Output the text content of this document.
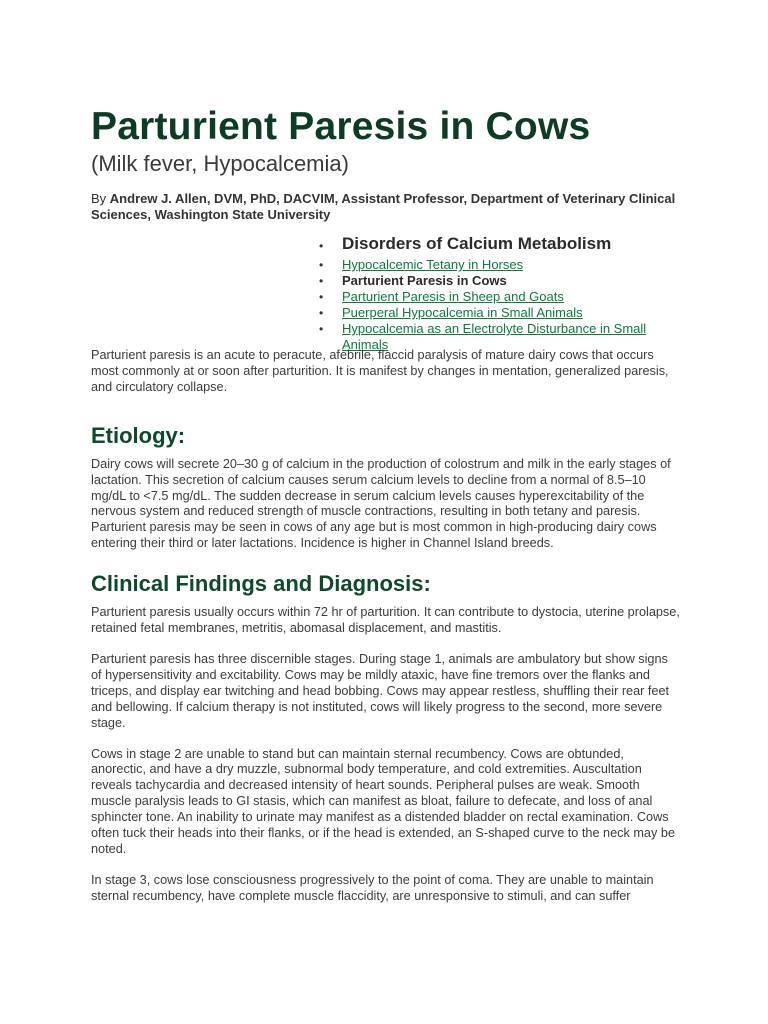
Parturient Paresis in Cows
(Milk fever, Hypocalcemia)
By Andrew J. Allen, DVM, PhD, DACVIM, Assistant Professor, Department of Veterinary Clinical Sciences, Washington State University
•	Disorders of Calcium Metabolism
•	Hypocalcemic Tetany in Horses
•	Parturient Paresis in Cows
•	Parturient Paresis in Sheep and Goats
•	Puerperal Hypocalcemia in Small Animals
•	Hypocalcemia as an Electrolyte Disturbance in Small Animals

Parturient paresis is an acute to peracute, afebrile, flaccid paralysis of mature dairy cows that occurs most commonly at or soon after parturition. It is manifest by changes in mentation, generalized paresis, and circulatory collapse.

Etiology:

Dairy cows will secrete 20–30 g of calcium in the production of colostrum and milk in the early stages of lactation. This secretion of calcium causes serum calcium levels to decline from a normal of 8.5–10 mg/dL to <7.5 mg/dL. The sudden decrease in serum calcium levels causes hyperexcitability of the nervous system and reduced strength of muscle contractions, resulting in both tetany and paresis. Parturient paresis may be seen in cows of any age but is most common in high-producing dairy cows entering their third or later lactations. Incidence is higher in Channel Island breeds.

Clinical Findings and Diagnosis:

Parturient paresis usually occurs within 72 hr of parturition. It can contribute to dystocia, uterine prolapse, retained fetal membranes, metritis, abomasal displacement, and mastitis.

Parturient paresis has three discernible stages. During stage 1, animals are ambulatory but show signs of hypersensitivity and excitability. Cows may be mildly ataxic, have fine tremors over the flanks and triceps, and display ear twitching and head bobbing. Cows may appear restless, shuffling their rear feet and bellowing. If calcium therapy is not instituted, cows will likely progress to the second, more severe stage.

Cows in stage 2 are unable to stand but can maintain sternal recumbency. Cows are obtunded, anorectic, and have a dry muzzle, subnormal body temperature, and cold extremities. Auscultation reveals tachycardia and decreased intensity of heart sounds. Peripheral pulses are weak. Smooth muscle paralysis leads to GI stasis, which can manifest as bloat, failure to defecate, and loss of anal sphincter tone. An inability to urinate may manifest as a distended bladder on rectal examination. Cows often tuck their heads into their flanks, or if the head is extended, an S-shaped curve to the neck may be noted.

In stage 3, cows lose consciousness progressively to the point of coma. They are unable to maintain sternal recumbency, have complete muscle flaccidity, are unresponsive to stimuli, and can suffer
